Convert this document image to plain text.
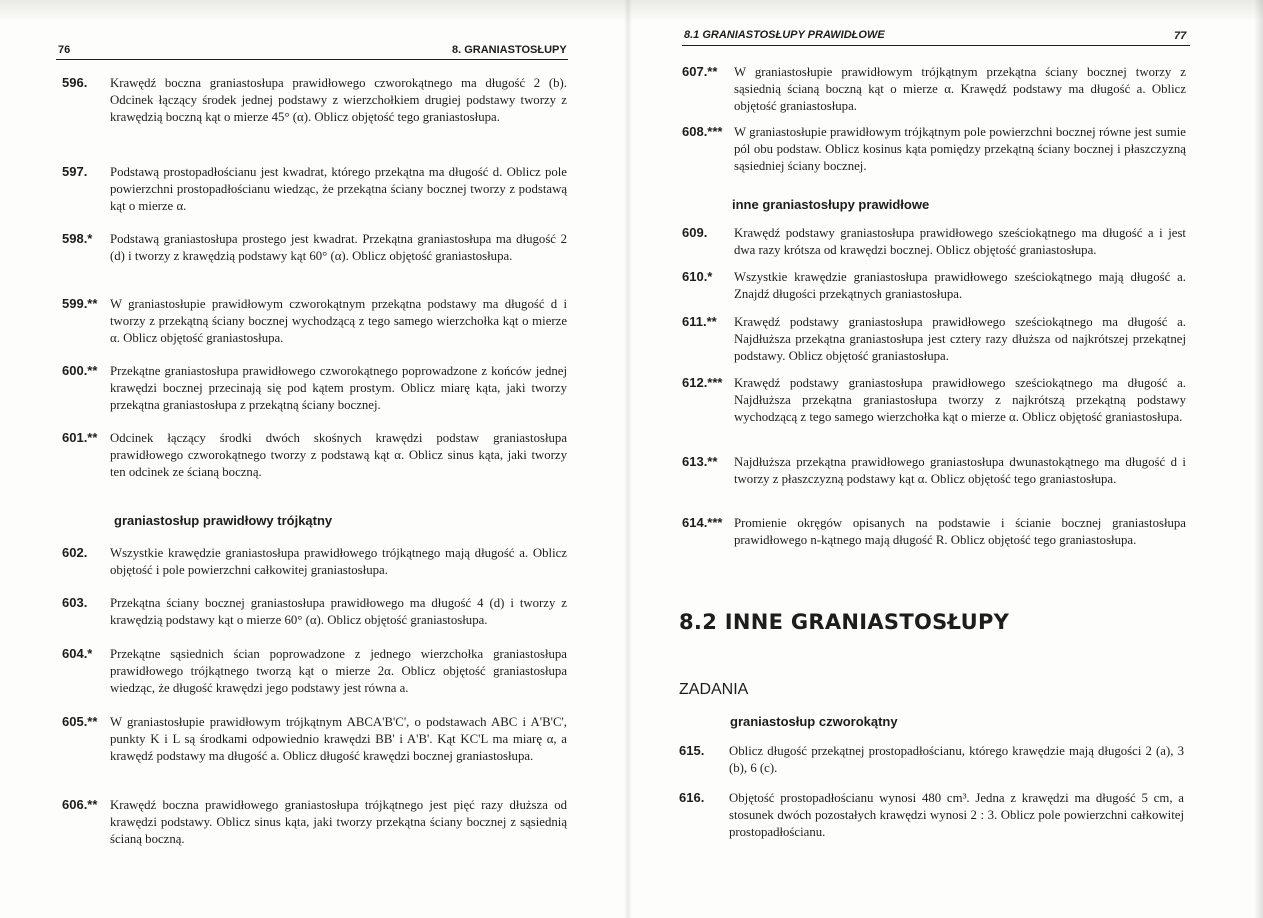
76	8. GRANIASTOSŁUPY
596. Krawędź boczna graniastosłupa prawidłowego czworokątnego ma długość 2 (b). Odcinek łączący środek jednej podstawy z wierzchołkiem drugiej podstawy tworzy z krawędzią boczną kąt o mierze 45° (α). Oblicz objętość tego graniastosłupa.
597. Podstawą prostopadłościanu jest kwadrat, którego przekątna ma długość d. Oblicz pole powierzchni prostopadłościanu wiedząc, że przekątna ściany bocznej tworzy z podstawą kąt o mierze α.
598.* Podstawą graniastosłupa prostego jest kwadrat. Przekątna graniastosłupa ma długość 2 (d) i tworzy z krawędzią podstawy kąt 60° (α). Oblicz objętość graniastosłupa.
599.** W graniastosłupie prawidłowym czworokątnym przekątna podstawy ma długość d i tworzy z przekątną ściany bocznej wychodzącą z tego samego wierzchołka kąt o mierze α. Oblicz objętość graniastosłupa.
600.** Przekątne graniastosłupa prawidłowego czworokątnego poprowadzone z końców jednej krawędzi bocznej przecinają się pod kątem prostym. Oblicz miarę kąta, jaki tworzy przekątna graniastosłupa z przekątną ściany bocznej.
601.** Odcinek łączący środki dwóch skośnych krawędzi podstaw graniastosłupa prawidłowego czworokątnego tworzy z podstawą kąt α. Oblicz sinus kąta, jaki tworzy ten odcinek ze ścianą boczną.
graniastosłup prawidłowy trójkątny
602. Wszystkie krawędzie graniastosłupa prawidłowego trójkątnego mają długość a. Oblicz objętość i pole powierzchni całkowitej graniastosłupa.
603. Przekątna ściany bocznej graniastosłupa prawidłowego ma długość 4 (d) i tworzy z krawędzią podstawy kąt o mierze 60° (α). Oblicz objętość graniastosłupa.
604.* Przekątne sąsiednich ścian poprowadzone z jednego wierzchołka graniastosłupa prawidłowego trójkątnego tworzą kąt o mierze 2α. Oblicz objętość graniastosłupa wiedząc, że długość krawędzi jego podstawy jest równa a.
605.** W graniastosłupie prawidłowym trójkątnym ABCA'B'C', o podstawach ABC i A'B'C', punkty K i L są środkami odpowiednio krawędzi BB' i A'B'. Kąt KC'L ma miarę α, a krawędź podstawy ma długość a. Oblicz długość krawędzi bocznej graniastosłupa.
606.** Krawędź boczna prawidłowego graniastosłupa trójkątnego jest pięć razy dłuższa od krawędzi podstawy. Oblicz sinus kąta, jaki tworzy przekątna ściany bocznej z sąsiednią ścianą boczną.
8.1 GRANIASTOSŁUPY PRAWIDŁOWE	77
607.** W graniastosłupie prawidłowym trójkątnym przekątna ściany bocznej tworzy z sąsiednią ścianą boczną kąt o mierze α. Krawędź podstawy ma długość a. Oblicz objętość graniastosłupa.
608.*** W graniastosłupie prawidłowym trójkątnym pole powierzchni bocznej równe jest sumie pól obu podstaw. Oblicz kosinus kąta pomiędzy przekątną ściany bocznej i płaszczyzną sąsiedniej ściany bocznej.
inne graniastosłupy prawidłowe
609. Krawędź podstawy graniastosłupa prawidłowego sześciokątnego ma długość a i jest dwa razy krótsza od krawędzi bocznej. Oblicz objętość graniastosłupa.
610.* Wszystkie krawędzie graniastosłupa prawidłowego sześciokątnego mają długość a. Znajdź długości przekątnych graniastosłupa.
611.** Krawędź podstawy graniastosłupa prawidłowego sześciokątnego ma długość a. Najdłuższa przekątna graniastosłupa jest cztery razy dłuższa od najkrótszej przekątnej podstawy. Oblicz objętość graniastosłupa.
612.*** Krawędź podstawy graniastosłupa prawidłowego sześciokątnego ma długość a. Najdłuższa przekątna graniastosłupa tworzy z najkrótszą przekątną podstawy wychodzącą z tego samego wierzchołka kąt o mierze α. Oblicz objętość graniastosłupa.
613.** Najdłuższa przekątna prawidłowego graniastosłupa dwunastokątnego ma długość d i tworzy z płaszczyzną podstawy kąt α. Oblicz objętość tego graniastosłupa.
614.*** Promienie okręgów opisanych na podstawie i ścianie bocznej graniastosłupa prawidłowego n-kątnego mają długość R. Oblicz objętość tego graniastosłupa.
8.2 INNE GRANIASTOSŁUPY
ZADANIA
graniastosłup czworokątny
615. Oblicz długość przekątnej prostopadłościanu, którego krawędzie mają długości 2 (a), 3 (b), 6 (c).
616. Objętość prostopadłościanu wynosi 480 cm³. Jedna z krawędzi ma długość 5 cm, a stosunek dwóch pozostałych krawędzi wynosi 2 : 3. Oblicz pole powierzchni całkowitej prostopadłościanu.
